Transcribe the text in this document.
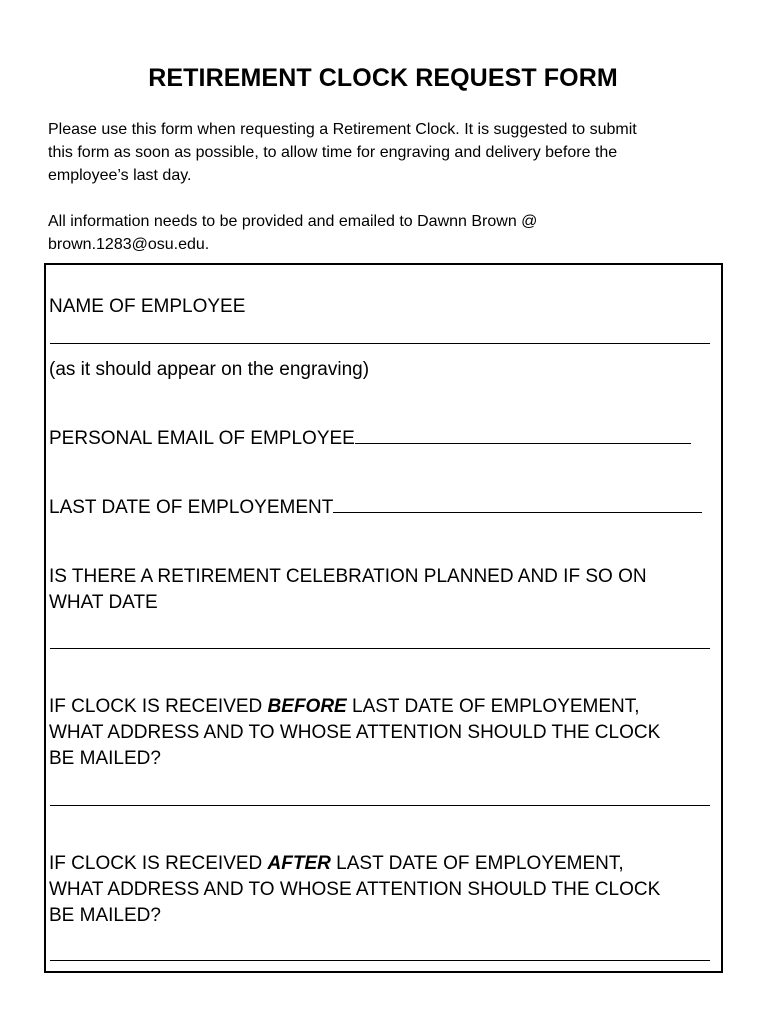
RETIREMENT CLOCK REQUEST FORM
Please use this form when requesting a Retirement Clock. It is suggested to submit
this form as soon as possible, to allow time for engraving and delivery before the
employee’s last day.
All information needs to be provided and emailed to Dawnn Brown @
brown.1283@osu.edu.
NAME OF EMPLOYEE
(as it should appear on the engraving)
PERSONAL EMAIL OF EMPLOYEE
LAST DATE OF EMPLOYEMENT
IS THERE A RETIREMENT CELEBRATION PLANNED AND IF SO ON
WHAT DATE
IF CLOCK IS RECEIVED BEFORE LAST DATE OF EMPLOYEMENT,
WHAT ADDRESS AND TO WHOSE ATTENTION SHOULD THE CLOCK
BE MAILED?
IF CLOCK IS RECEIVED AFTER LAST DATE OF EMPLOYEMENT,
WHAT ADDRESS AND TO WHOSE ATTENTION SHOULD THE CLOCK
BE MAILED?
